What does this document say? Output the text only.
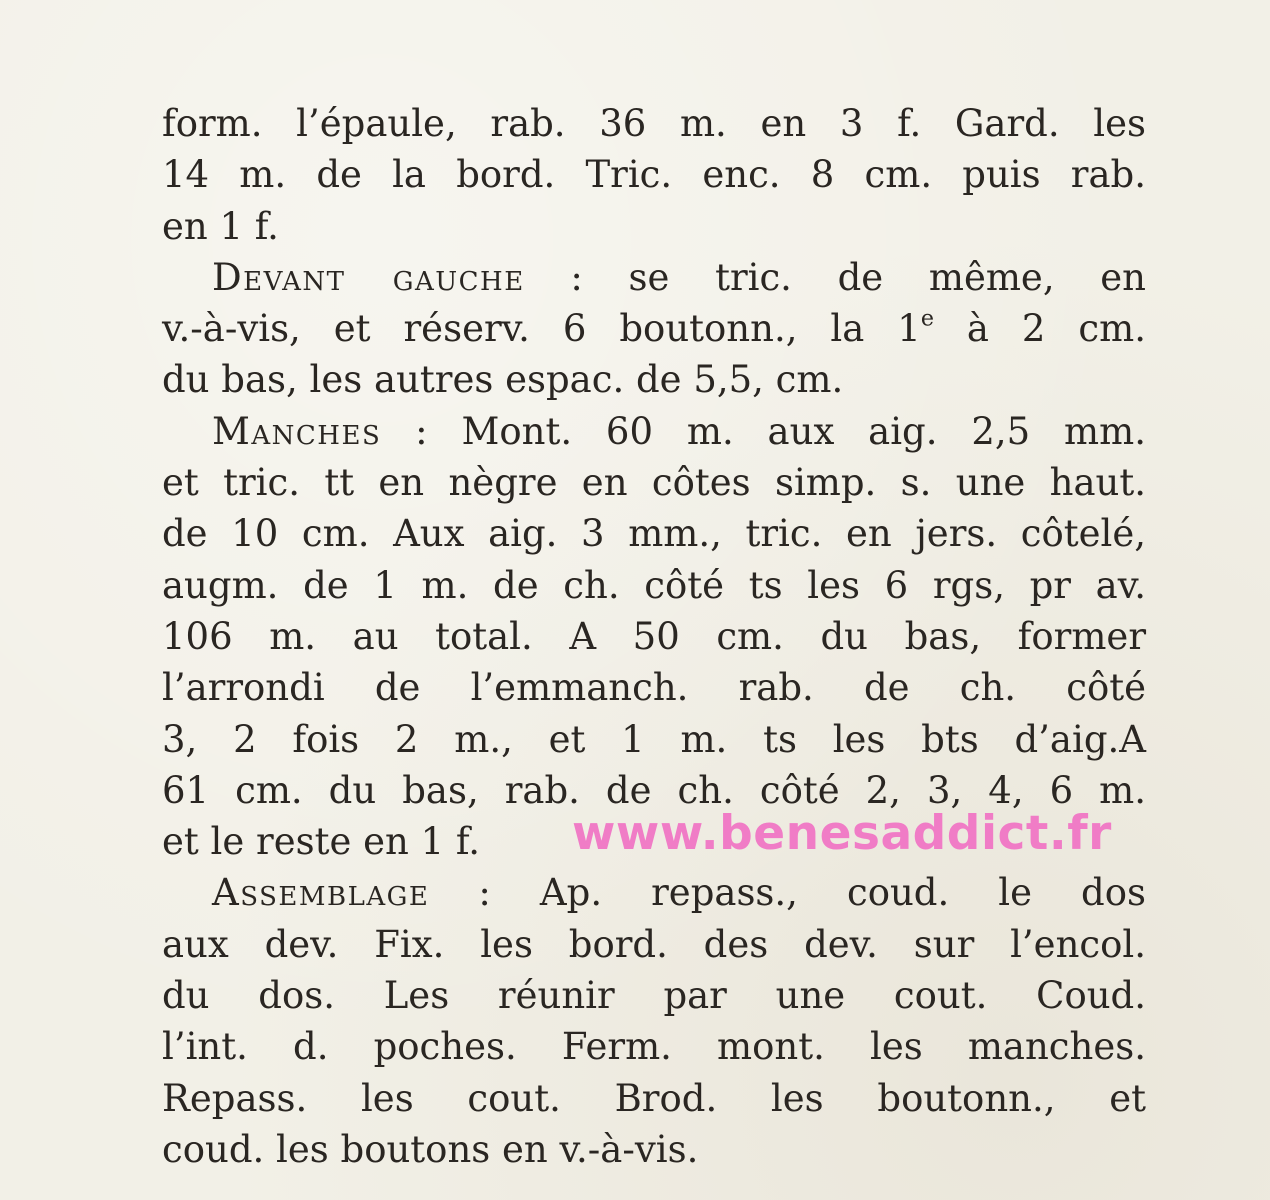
form. l’épaule, rab. 36 m. en 3 f. Gard. les
14 m. de la bord. Tric. enc. 8 cm. puis rab.
en 1 f.
Devant gauche : se tric. de même, en
v.-à-vis, et réserv. 6 boutonn., la 1e à 2 cm.
du bas, les autres espac. de 5,5, cm.
Manches : Mont. 60 m. aux aig. 2,5 mm.
et tric. tt en nègre en côtes simp. s. une haut.
de 10 cm. Aux aig. 3 mm., tric. en jers. côtelé,
augm. de 1 m. de ch. côté ts les 6 rgs, pr av.
106 m. au total. A 50 cm. du bas, former
l’arrondi de l’emmanch. rab. de ch. côté
3, 2 fois 2 m., et 1 m. ts les bts d’aig.A
61 cm. du bas, rab. de ch. côté 2, 3, 4, 6 m.
et le reste en 1 f.
Assemblage : Ap. repass., coud. le dos
aux dev. Fix. les bord. des dev. sur l’encol.
du dos. Les réunir par une cout. Coud.
l’int. d. poches. Ferm. mont. les manches.
Repass. les cout. Brod. les boutonn., et
coud. les boutons en v.-à-vis.
www.benesaddict.fr
